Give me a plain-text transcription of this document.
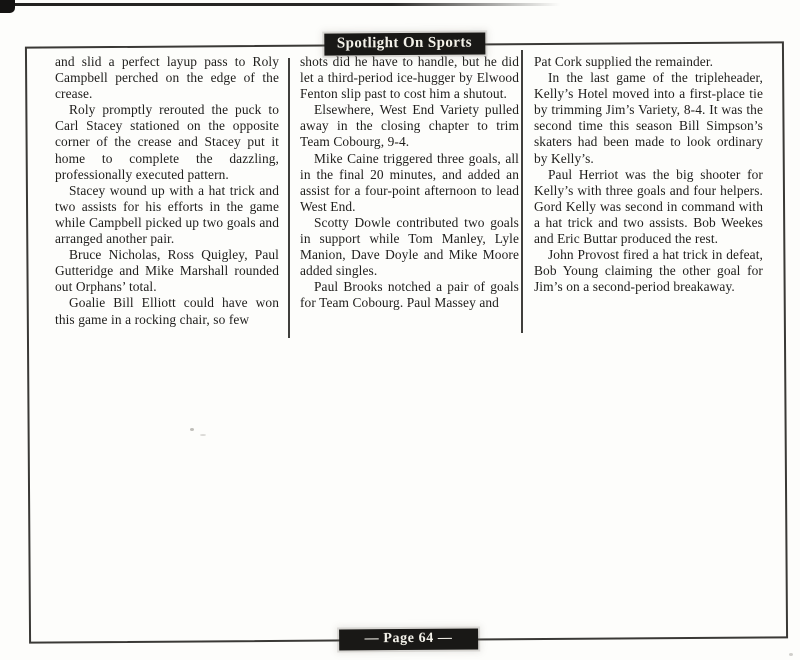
Spotlight On Sports
— Page 64 —

and slid a perfect layup pass to Roly Campbell perched on the edge of the crease.

Roly promptly rerouted the puck to Carl Stacey stationed on the opposite corner of the crease and Stacey put it home to complete the dazzling, professionally executed pattern.

Stacey wound up with a hat trick and two assists for his efforts in the game while Campbell picked up two goals and arranged another pair.

Bruce Nicholas, Ross Quigley, Paul Gutteridge and Mike Marshall rounded out Orphans’ total.

Goalie Bill Elliott could have won this game in a rocking chair, so few

shots did he have to handle, but he did let a third-period ice-hugger by Elwood Fenton slip past to cost him a shutout.

Elsewhere, West End Variety pulled away in the closing chapter to trim Team Cobourg, 9-4.

Mike Caine triggered three goals, all in the final 20 minutes, and added an assist for a four-point afternoon to lead West End.

Scotty Dowle contributed two goals in support while Tom Manley, Lyle Manion, Dave Doyle and Mike Moore added singles.

Paul Brooks notched a pair of goals for Team Cobourg. Paul Massey and

Pat Cork supplied the remainder.

In the last game of the tripleheader, Kelly’s Hotel moved into a first-place tie by trimming Jim’s Variety, 8-4. It was the second time this season Bill Simpson’s skaters had been made to look ordinary by Kelly’s.

Paul Herriot was the big shooter for Kelly’s with three goals and four helpers. Gord Kelly was second in command with a hat trick and two assists. Bob Weekes and Eric Buttar produced the rest.

John Provost fired a hat trick in defeat, Bob Young claiming the other goal for Jim’s on a second-period breakaway.
